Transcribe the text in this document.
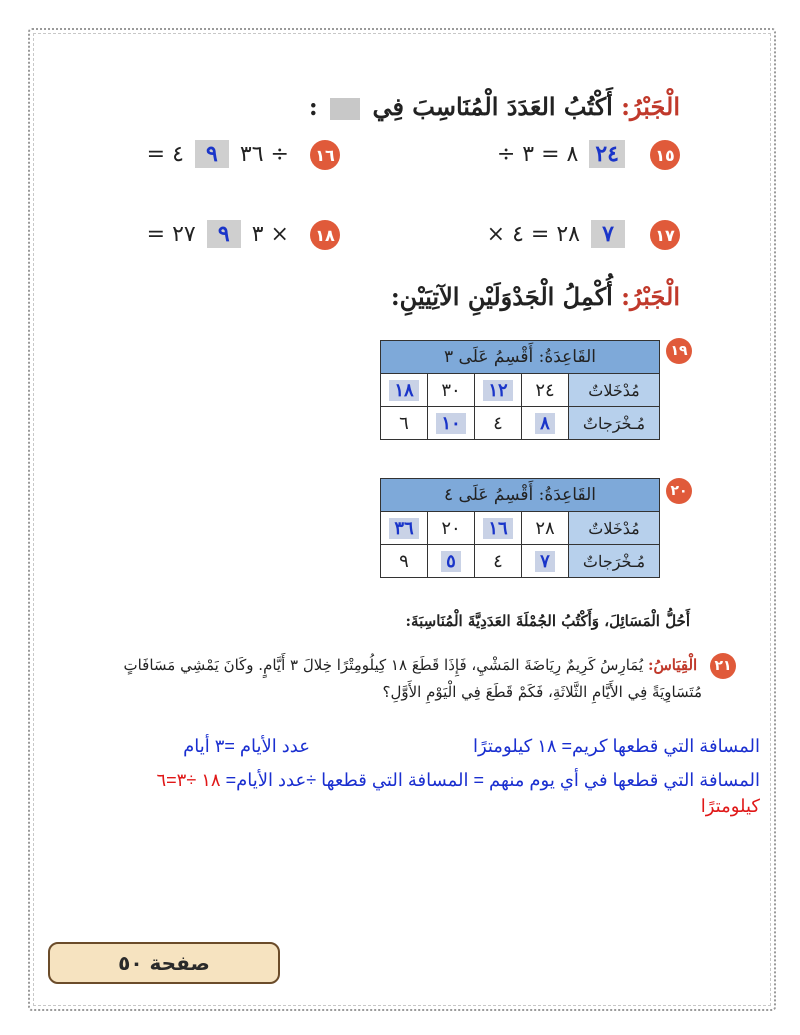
الْجَبْرُ: أَكْتُبُ العَدَدَ الْمُنَاسِبَ فِي  :
١٥ ٢٤ ٨ = ٣ ÷
١٦ ÷ ٣٦ ٩ ٤ =
١٧ ٧ ٢٨ = ٤ ×
١٨ × ٣ ٩ ٢٧ =
الْجَبْرُ: أُكْمِلُ الْجَدْوَلَيْنِ الآتِيَيْنِ:
١٩
القَاعِدَةُ: أَقْسِمُ عَلَى ٣				
مُدْخَلاتٌ	٢٤	١٢	٣٠	١٨
مُـخْرَجاتٌ	٨	٤	١٠	٦
٢٠
القَاعِدَةُ: أَقْسِمُ عَلَى ٤				
مُدْخَلاتٌ	٢٨	١٦	٢٠	٣٦
مُـخْرَجاتٌ	٧	٤	٥	٩
أَحُلُّ الْمَسَائِلَ، وَأَكْتُبُ الجُمْلَةَ العَدَدِيَّةَ الْمُنَاسِبَةَ:
٢١ الْقِيَاسُ: يُمَارِسُ كَرِيمٌ رِيَاضَةَ المَشْيِ، فَإِذَا قَطَعَ ١٨ كِيلُومِتْرًا خِلالَ ٣ أَيَّامٍ. وكَانَ يَمْشِي مَسَافَاتٍ
مُتَسَاوِيَةً فِي الأَيَّامِ الثَّلاثَةِ، فَكَمْ قَطَعَ فِي الْيَوْمِ الأَوَّلِ؟
المسافة التي قطعها كريم= ١٨ كيلومترًا
عدد الأيام =٣ أيام
المسافة التي قطعها في أي يوم منهم = المسافة التي قطعها ÷عدد الأيام= ١٨ ÷٣=٦
كيلومترًا
صفحة ٥٠
